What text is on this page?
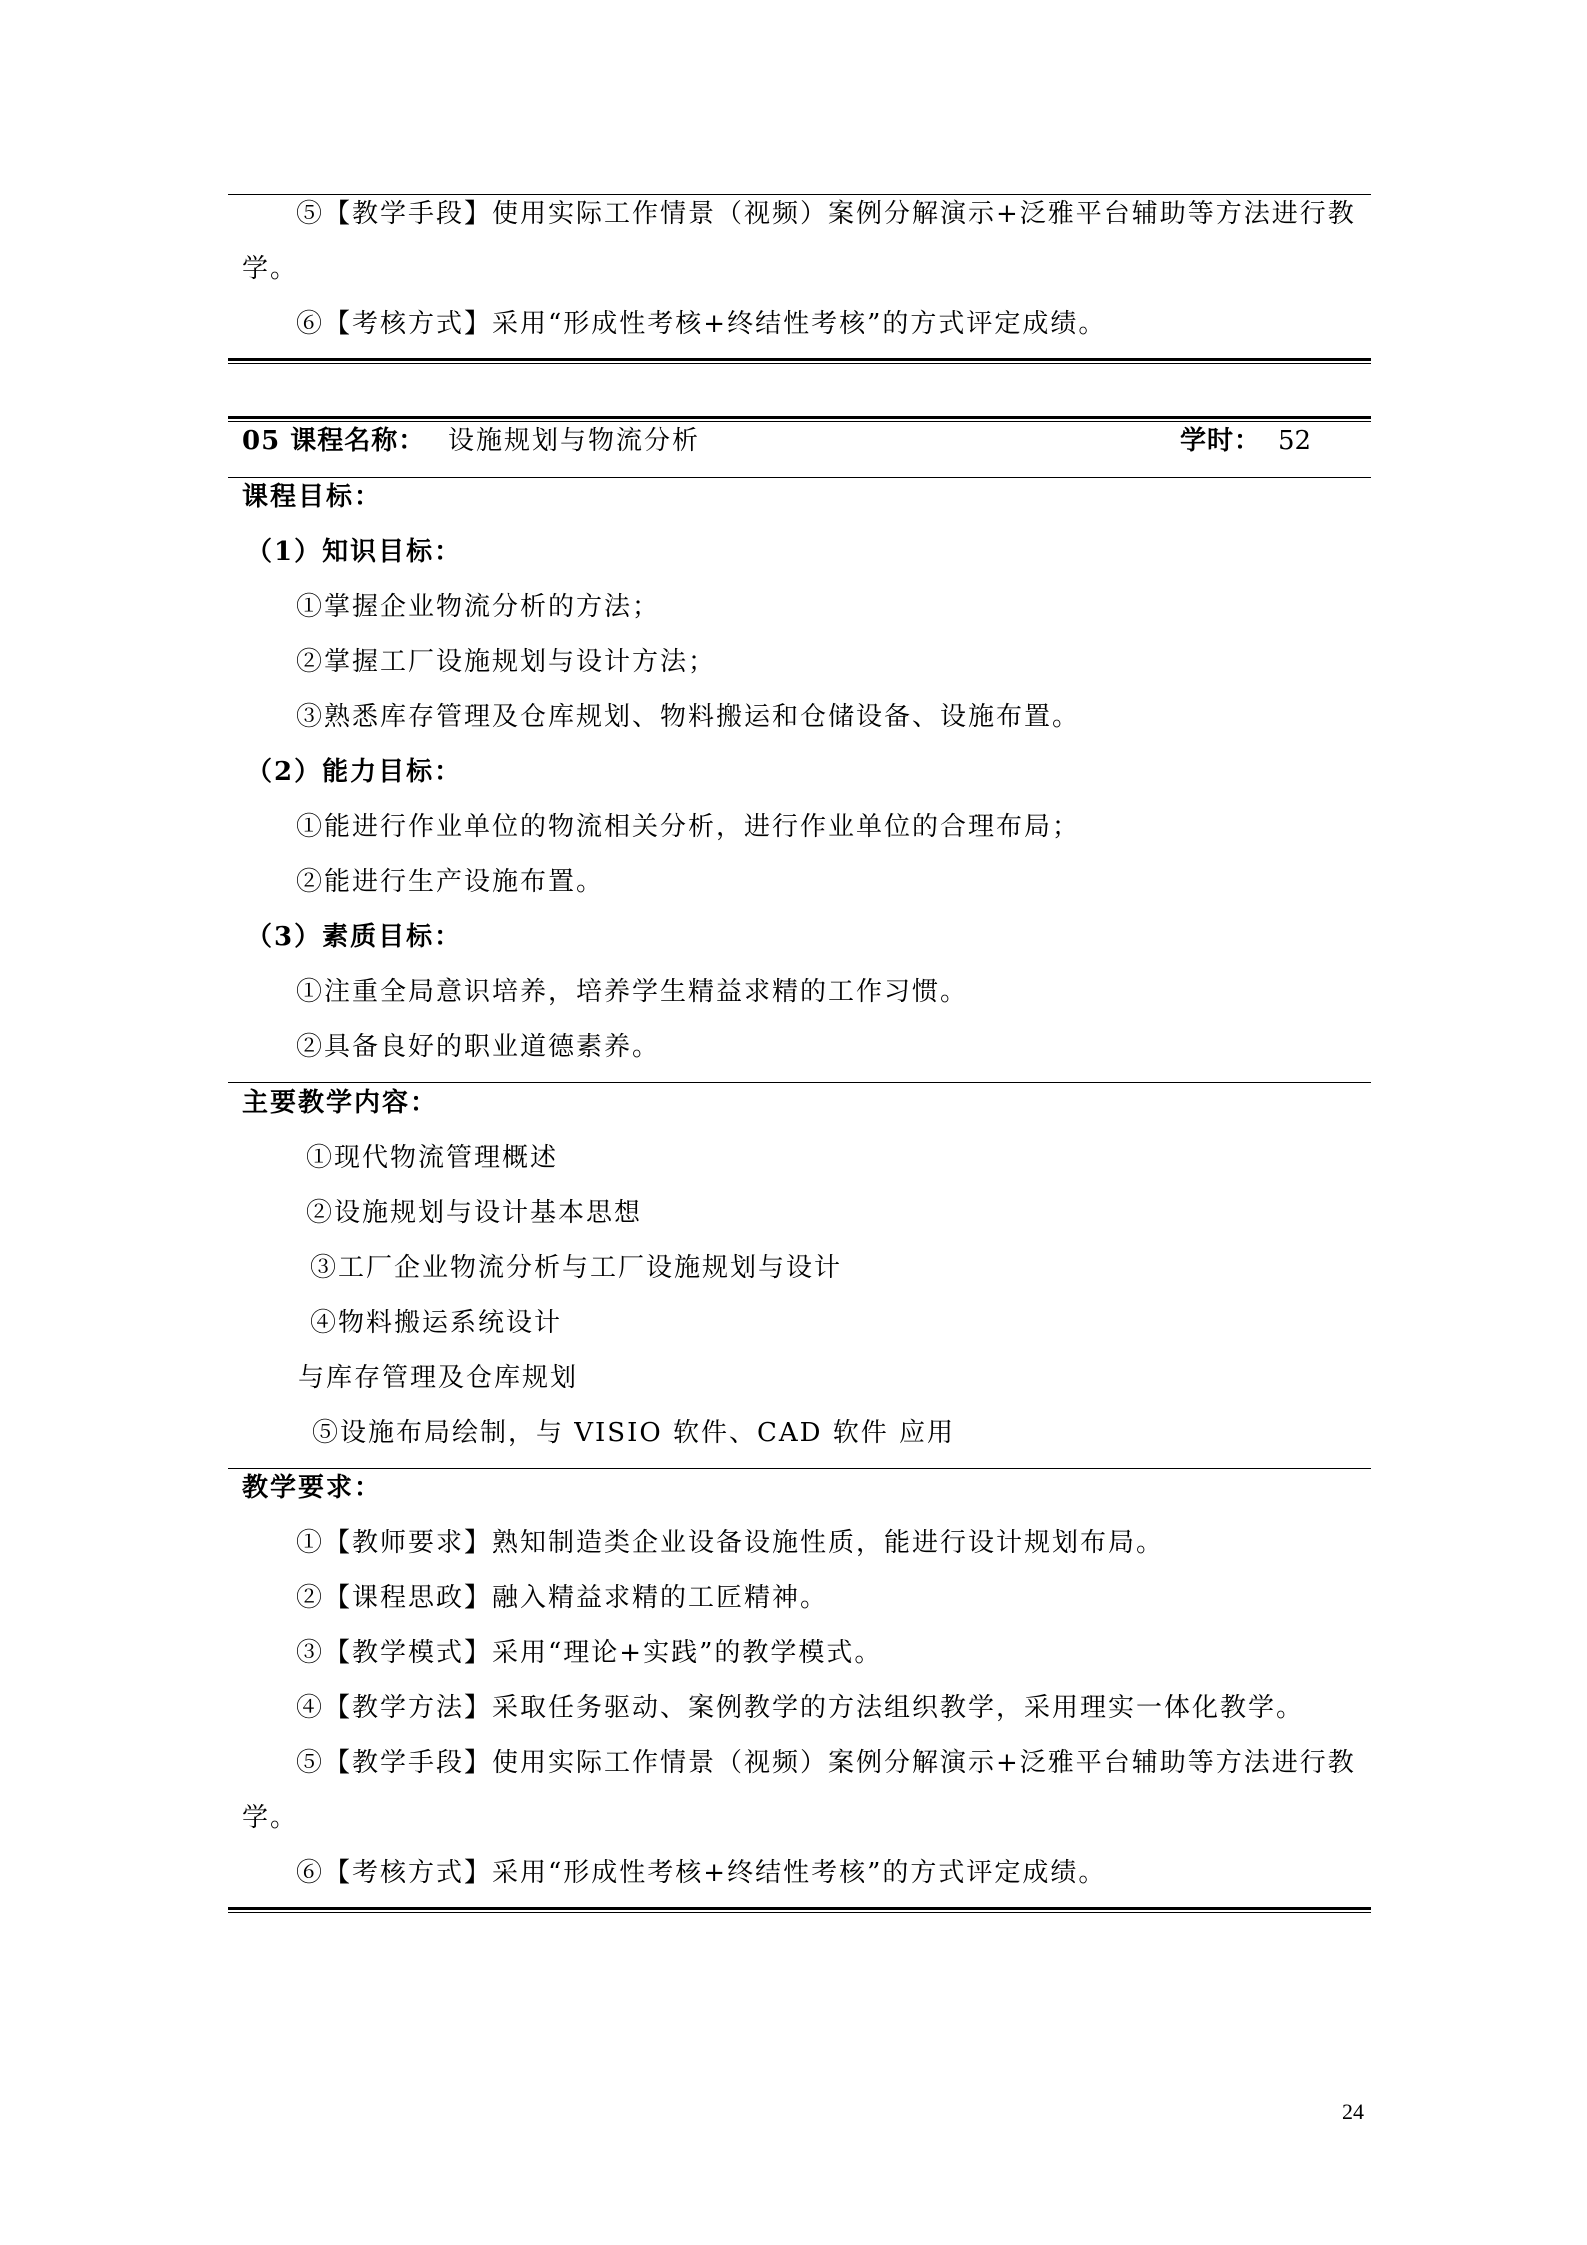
⑤【教学手段】使用实际工作情景（视频）案例分解演示+泛雅平台辅助等方法进行教
学。
⑥【考核方式】采用“形成性考核+终结性考核”的方式评定成绩。
05 课程名称： 设施规划与物流分析	学时： 52
课程目标：
（1）知识目标：
①掌握企业物流分析的方法；
②掌握工厂设施规划与设计方法；
③熟悉库存管理及仓库规划、物料搬运和仓储设备、设施布置。
（2）能力目标：
①能进行作业单位的物流相关分析，进行作业单位的合理布局；
②能进行生产设施布置。
（3）素质目标：
①注重全局意识培养，培养学生精益求精的工作习惯。
②具备良好的职业道德素养。
主要教学内容：
①现代物流管理概述
②设施规划与设计基本思想
③工厂企业物流分析与工厂设施规划与设计
④物料搬运系统设计
与库存管理及仓库规划
⑤设施布局绘制，与 VISIO 软件、CAD 软件 应用
教学要求：
①【教师要求】熟知制造类企业设备设施性质，能进行设计规划布局。
②【课程思政】融入精益求精的工匠精神。
③【教学模式】采用“理论+实践”的教学模式。
④【教学方法】采取任务驱动、案例教学的方法组织教学，采用理实一体化教学。
⑤【教学手段】使用实际工作情景（视频）案例分解演示+泛雅平台辅助等方法进行教
学。
⑥【考核方式】采用“形成性考核+终结性考核”的方式评定成绩。
24
